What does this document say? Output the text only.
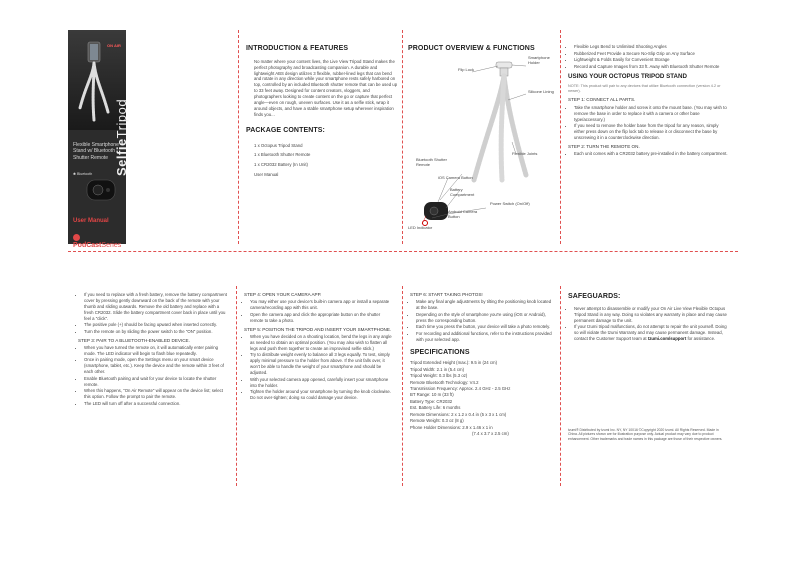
ON AIR
SelfieTripod
Flexible Smartphone Stand w/ Bluetooth Shutter Remote
✱ Bluetooth
User Manual
PodCastSeries
INTRODUCTION & FEATURES

No matter where your content lives, the Live View Tripod Stand makes the perfect photography and broadcasting companion. A durable and lightweight ABS design utilizes 3 flexible, rubber-lined legs that can bend and rotate in any direction while your smartphone rests safely harbored on top, controlled by an included Bluetooth shutter remote that can be used up to 33 feet away. Designed for content creators, vloggers, and photographers looking to create content on the go or capture that perfect angle—even on rough, uneven surfaces. Use it as a selfie stick, wrap it around objects, and have a stable smartphone setup wherever inspiration finds you...

PACKAGE CONTENTS:
1 x Octopus Tripod Stand
1 x Bluetooth Shutter Remote
1 x CR2032 Battery (In Unit)
User Manual
PRODUCT OVERVIEW & FUNCTIONS
Flip Lock
Smartphone Holder
Silicone Lining
Flexible Joints
Bluetooth Shutter Remote
iOS Camera Button
Battery Compartment
Power Switch (On/Off)
Android Camera Button
LED Indicator
• Flexible Legs Bend to Unlimited Shooting Angles
• Rubberized Feet Provide a Secure No-Slip Grip on Any Surface
• Lightweight & Folds Easily for Convenient Storage
• Record and Capture Images from 33 ft. Away with Bluetooth Shutter Remote
USING YOUR OCTOPUS TRIPOD STAND

NOTE: This product will pair to any devices that utilize Bluetooth connection (version 4.2 or newer).

STEP 1: CONNECT ALL PARTS.
• Take the smartphone holder and screw it onto the mount base. (You may wish to remove the base in order to replace it with a camera or other base type/accessory.)
• If you need to remove the holder base from the tripod for any reason, simply either press down on the flip lock tab to release it or disconnect the base by unscrewing it in a counterclockwise direction.
STEP 2: TURN THE REMOTE ON.
• Each unit comes with a CR2032 battery pre-installed in the battery compartment.
• If you need to replace with a fresh battery, remove the battery compartment cover by pressing gently downward on the back of the remote with your thumb and sliding outwards. Remove the old battery and replace with a fresh CR2032. Slide the battery compartment cover back in place until you feel a "click".
• The positive pole (+) should be facing upward when inserted correctly.
• Turn the remote on by sliding the power switch to the "ON" position.
STEP 3: PAIR TO A BLUETOOTH-ENABLED DEVICE.
• When you have turned the remote on, it will automatically enter pairing mode. The LED indicator will begin to flash blue repeatedly.
• Once in pairing mode, open the Settings menu on your smart device (smartphone, tablet, etc.). Keep the device and the remote within 3 feet of each other.
• Enable Bluetooth pairing and wait for your device to locate the shutter remote.
• When this happens, "On Air Remote" will appear on the device list; select this option. Follow the prompt to pair the remote.
• The LED will turn off after a successful connection.
STEP 4: OPEN YOUR CAMERA APP.
• You may either use your device's built-in camera app or install a separate camera/recording app with this unit.
• Open the camera app and click the appropriate button on the shutter remote to take a photo.
STEP 5: POSITION THE TRIPOD AND INSERT YOUR SMARTPHONE.
• When you have decided on a shooting location, bend the legs in any angle as needed to obtain an optimal position. (You may also wish to flatten all legs and push them together to create an improvised selfie stick.)
• Try to distribute weight evenly to balance all 3 legs equally. To test, simply apply minimal pressure to the holder from above. If the unit falls over, it won't be able to handle the weight of your smartphone and should be adjusted.
• With your selected camera app opened, carefully insert your smartphone into the holder.
• Tighten the holder around your smartphone by turning the knob clockwise. Do not over-tighten; doing so could damage your device.
STEP 6: START TAKING PHOTOS!
• Make any final angle adjustments by tilting the positioning knob located at the base.
• Depending on the style of smartphone you're using (iOS or Android), press the corresponding button.
• Each time you press the button, your device will take a photo remotely.
• For recording and additional functions, refer to the instructions provided with your selected app.
SPECIFICATIONS
Tripod Extended Height (max.): 9.5 in (24 cm)
Tripod Width: 2.1 in (5.4 cm)
Tripod Weight: 0.3 lbs (5.3 oz)
Remote Bluetooth Technology: V4.2
Transmission Frequency: Approx. 2.4 GHz - 2.5 GHz
BT Range: 10 m (33 ft)
Battery Type: CR2032
Est. Battery Life: 6 months
Remote Dimensions: 2 x 1.2 x 0.4 in (5 x 3 x 1 cm)
Remote Weight: 0.3 oz (8 g)
Phone Holder Dimensions: 2.9 x 1.46 x 1 in
(7.4 x 3.7 x 2.5 cm)
SAFEGUARDS:
• Never attempt to disassemble or modify your On Air Live View Flexible Octopus Tripod Stand in any way. Doing so violates any warranty in place and may cause permanent damage to the unit.
• If your tzumi tripod malfunctions, do not attempt to repair the unit yourself. Doing so will violate the tzumi Warranty and may cause permanent damage. Instead, contact the Customer Support team at tzumi.com/support for assistance.
tzumi® Distributed by tzumi Inc. NY, NY 10016 ©Copyright 2020 tzumi. All Rights Reserved. Made in China. All pictures shown are for illustration purpose only. Actual product may vary due to product enhancement. Other trademarks and trade names in this package are those of their respective owners.
